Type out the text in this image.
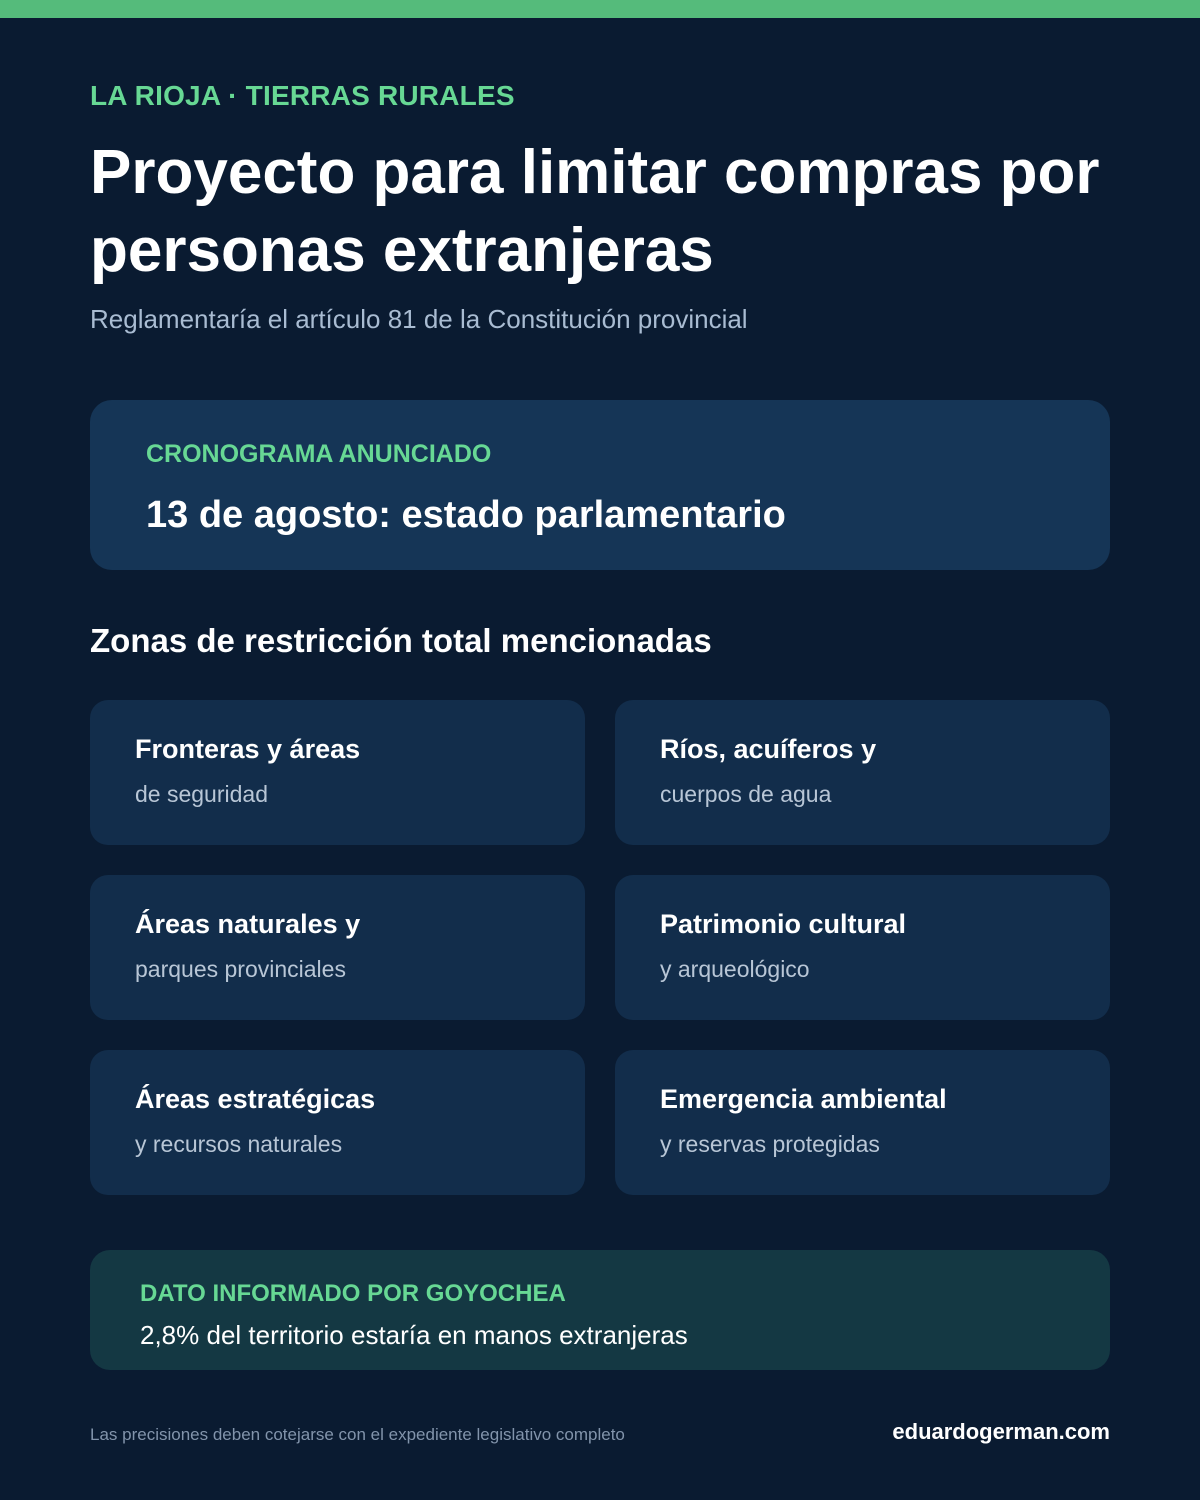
LA RIOJA · TIERRAS RURALES
Proyecto para limitar compras por personas extranjeras
Reglamentaría el artículo 81 de la Constitución provincial
CRONOGRAMA ANUNCIADO
13 de agosto: estado parlamentario
Zonas de restricción total mencionadas
Fronteras y áreas
de seguridad
Ríos, acuíferos y
cuerpos de agua
Áreas naturales y
parques provinciales
Patrimonio cultural
y arqueológico
Áreas estratégicas
y recursos naturales
Emergencia ambiental
y reservas protegidas
DATO INFORMADO POR GOYOCHEA
2,8% del territorio estaría en manos extranjeras
Las precisiones deben cotejarse con el expediente legislativo completo	eduardogerman.com
